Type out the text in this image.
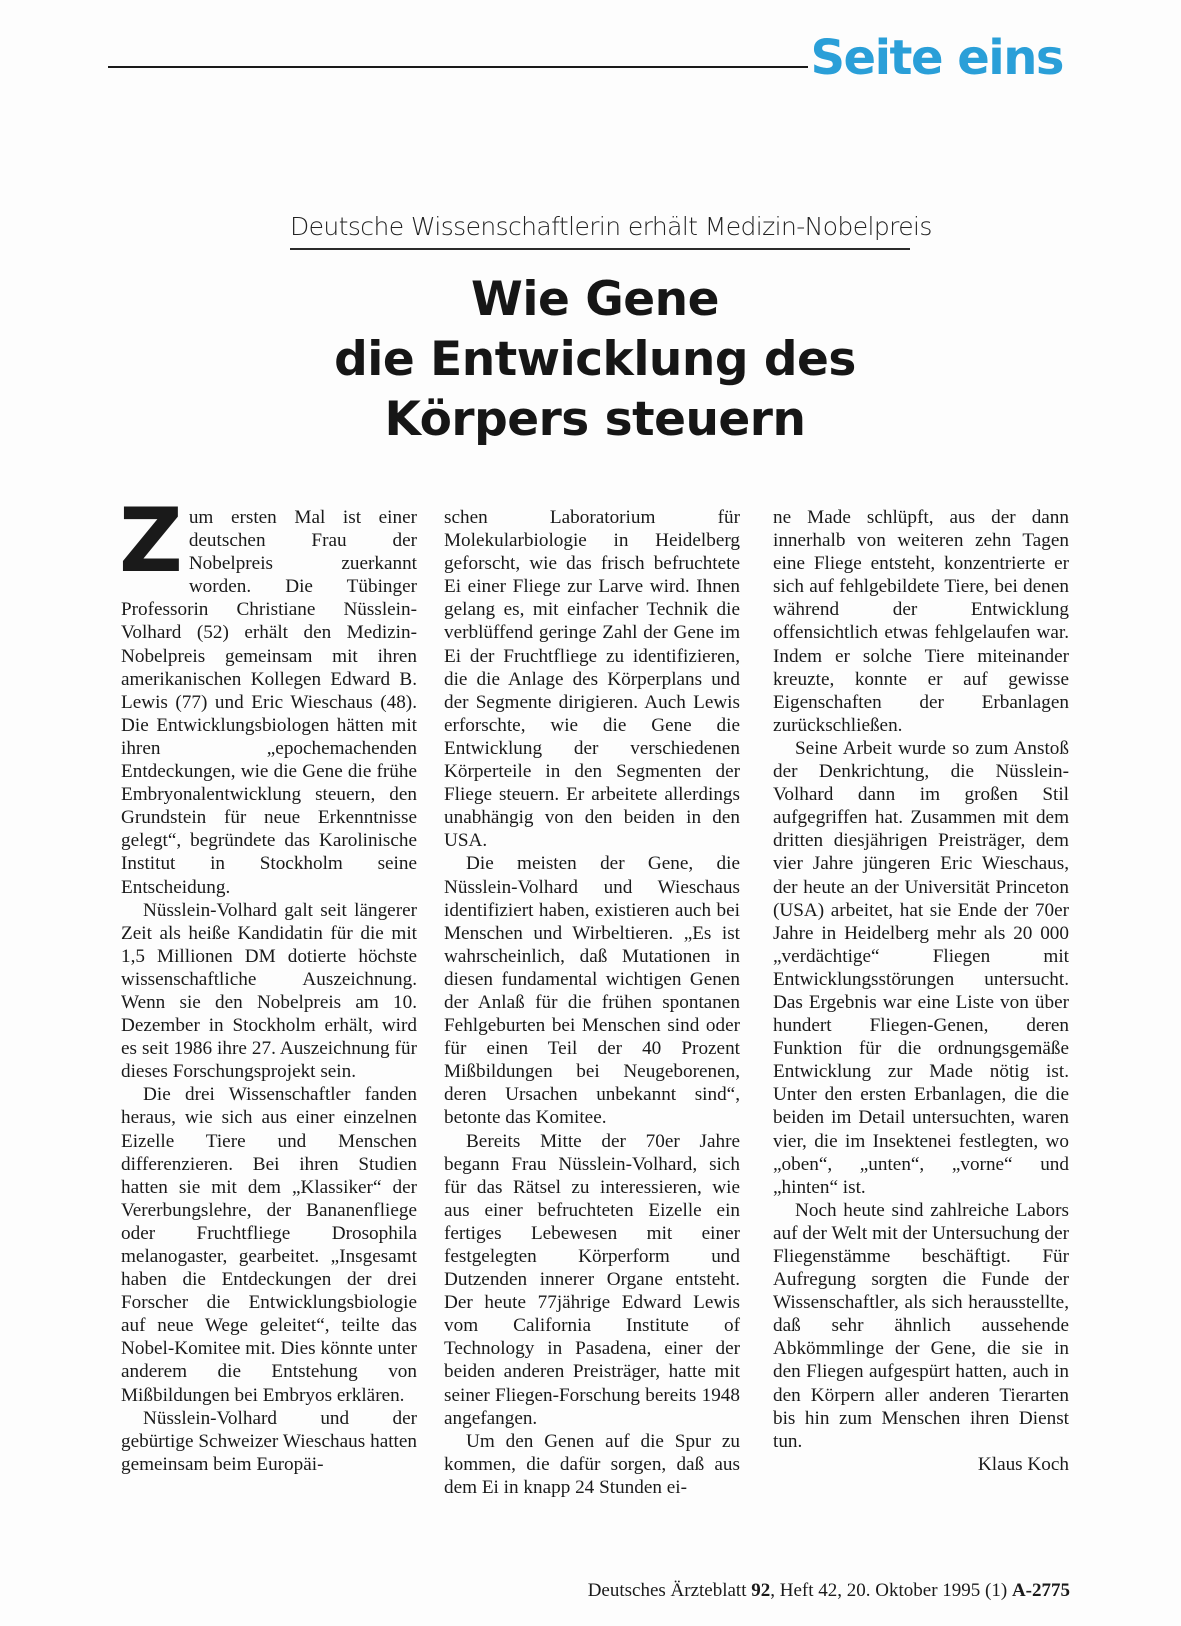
Seite eins
Deutsche Wissenschaftlerin erhält Medizin-Nobelpreis
Wie Gene
die Entwicklung des
Körpers steuern

Zum ersten Mal ist einer deutschen Frau der Nobelpreis zuerkannt worden. Die Tübinger Professorin Christiane Nüsslein-Volhard (52) erhält den Medizin-Nobelpreis gemeinsam mit ihren amerikanischen Kollegen Edward B. Lewis (77) und Eric Wieschaus (48). Die Entwicklungsbiologen hätten mit ihren „epochemachenden Entdeckungen, wie die Gene die frühe Embryonalentwicklung steuern, den Grundstein für neue Erkenntnisse gelegt“, begründete das Karolinische Institut in Stockholm seine Entscheidung.

Nüsslein-Volhard galt seit längerer Zeit als heiße Kandidatin für die mit 1,5 Millionen DM dotierte höchste wissenschaftliche Auszeichnung. Wenn sie den Nobelpreis am 10. Dezember in Stockholm erhält, wird es seit 1986 ihre 27. Auszeichnung für dieses Forschungsprojekt sein.

Die drei Wissenschaftler fanden heraus, wie sich aus einer einzelnen Eizelle Tiere und Menschen differenzieren. Bei ihren Studien hatten sie mit dem „Klassiker“ der Vererbungslehre, der Bananenfliege oder Fruchtfliege Drosophila melanogaster, gearbeitet. „Insgesamt haben die Entdeckungen der drei Forscher die Entwicklungsbiologie auf neue Wege geleitet“, teilte das Nobel-Komitee mit. Dies könnte unter anderem die Entstehung von Mißbildungen bei Embryos erklären.

Nüsslein-Volhard und der gebürtige Schweizer Wieschaus hatten gemeinsam beim Europäi-

schen Laboratorium für Molekularbiologie in Heidelberg geforscht, wie das frisch befruchtete Ei einer Fliege zur Larve wird. Ihnen gelang es, mit einfacher Technik die verblüffend geringe Zahl der Gene im Ei der Fruchtfliege zu identifizieren, die die Anlage des Körperplans und der Segmente dirigieren. Auch Lewis erforschte, wie die Gene die Entwicklung der verschiedenen Körperteile in den Segmenten der Fliege steuern. Er arbeitete allerdings unabhängig von den beiden in den USA.

Die meisten der Gene, die Nüsslein-Volhard und Wieschaus identifiziert haben, existieren auch bei Menschen und Wirbeltieren. „Es ist wahrscheinlich, daß Mutationen in diesen fundamental wichtigen Genen der Anlaß für die frühen spontanen Fehlgeburten bei Menschen sind oder für einen Teil der 40 Prozent Mißbildungen bei Neugeborenen, deren Ursachen unbekannt sind“, betonte das Komitee.

Bereits Mitte der 70er Jahre begann Frau Nüsslein-Volhard, sich für das Rätsel zu interessieren, wie aus einer befruchteten Eizelle ein fertiges Lebewesen mit einer festgelegten Körperform und Dutzenden innerer Organe entsteht. Der heute 77jährige Edward Lewis vom California Institute of Technology in Pasadena, einer der beiden anderen Preisträger, hatte mit seiner Fliegen-Forschung bereits 1948 angefangen.

Um den Genen auf die Spur zu kommen, die dafür sorgen, daß aus dem Ei in knapp 24 Stunden ei-

ne Made schlüpft, aus der dann innerhalb von weiteren zehn Tagen eine Fliege entsteht, konzentrierte er sich auf fehlgebildete Tiere, bei denen während der Entwicklung offensichtlich etwas fehlgelaufen war. Indem er solche Tiere miteinander kreuzte, konnte er auf gewisse Eigenschaften der Erbanlagen zurückschließen.

Seine Arbeit wurde so zum Anstoß der Denkrichtung, die Nüsslein-Volhard dann im großen Stil aufgegriffen hat. Zusammen mit dem dritten diesjährigen Preisträger, dem vier Jahre jüngeren Eric Wieschaus, der heute an der Universität Princeton (USA) arbeitet, hat sie Ende der 70er Jahre in Heidelberg mehr als 20 000 „verdächtige“ Fliegen mit Entwicklungsstörungen untersucht. Das Ergebnis war eine Liste von über hundert Fliegen-Genen, deren Funktion für die ordnungsgemäße Entwicklung zur Made nötig ist. Unter den ersten Erbanlagen, die die beiden im Detail untersuchten, waren vier, die im Insektenei festlegten, wo „oben“, „unten“, „vorne“ und „hinten“ ist.

Noch heute sind zahlreiche Labors auf der Welt mit der Untersuchung der Fliegenstämme beschäftigt. Für Aufregung sorgten die Funde der Wissenschaftler, als sich herausstellte, daß sehr ähnlich aussehende Abkömmlinge der Gene, die sie in den Fliegen aufgespürt hatten, auch in den Körpern aller anderen Tierarten bis hin zum Menschen ihren Dienst tun.

Klaus Koch

Deutsches Ärzteblatt 92, Heft 42, 20. Oktober 1995 (1) A-2775
